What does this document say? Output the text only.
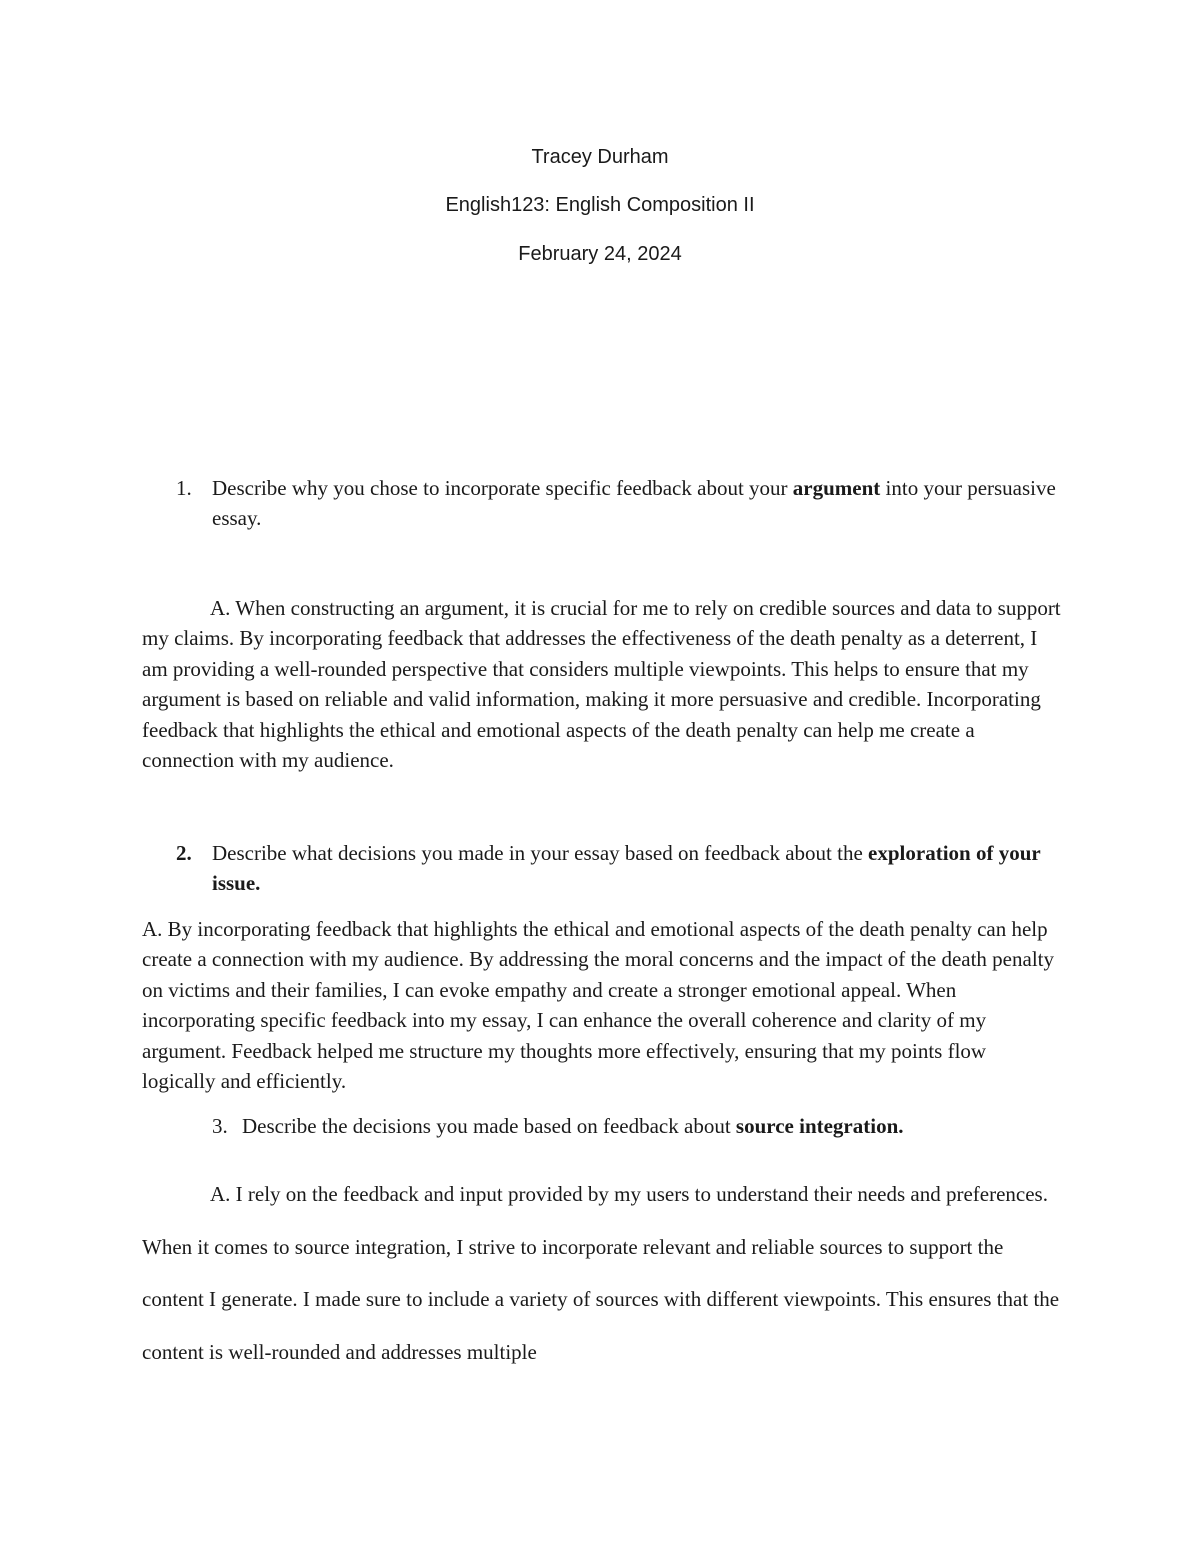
Tracey Durham
English123: English Composition II
February 24, 2024
1. Describe why you chose to incorporate specific feedback about your argument into your persuasive essay.
A. When constructing an argument, it is crucial for me to rely on credible sources and data to support my claims. By incorporating feedback that addresses the effectiveness of the death penalty as a deterrent, I am providing a well-rounded perspective that considers multiple viewpoints. This helps to ensure that my argument is based on reliable and valid information, making it more persuasive and credible. Incorporating feedback that highlights the ethical and emotional aspects of the death penalty can help me create a connection with my audience.
2. Describe what decisions you made in your essay based on feedback about the exploration of your issue.
A. By incorporating feedback that highlights the ethical and emotional aspects of the death penalty can help create a connection with my audience. By addressing the moral concerns and the impact of the death penalty on victims and their families, I can evoke empathy and create a stronger emotional appeal. When incorporating specific feedback into my essay, I can enhance the overall coherence and clarity of my argument. Feedback helped me structure my thoughts more effectively, ensuring that my points flow logically and efficiently.
3. Describe the decisions you made based on feedback about source integration.
A. I rely on the feedback and input provided by my users to understand their needs and preferences. When it comes to source integration, I strive to incorporate relevant and reliable sources to support the content I generate. I made sure to include a variety of sources with different viewpoints. This ensures that the content is well-rounded and addresses multiple
